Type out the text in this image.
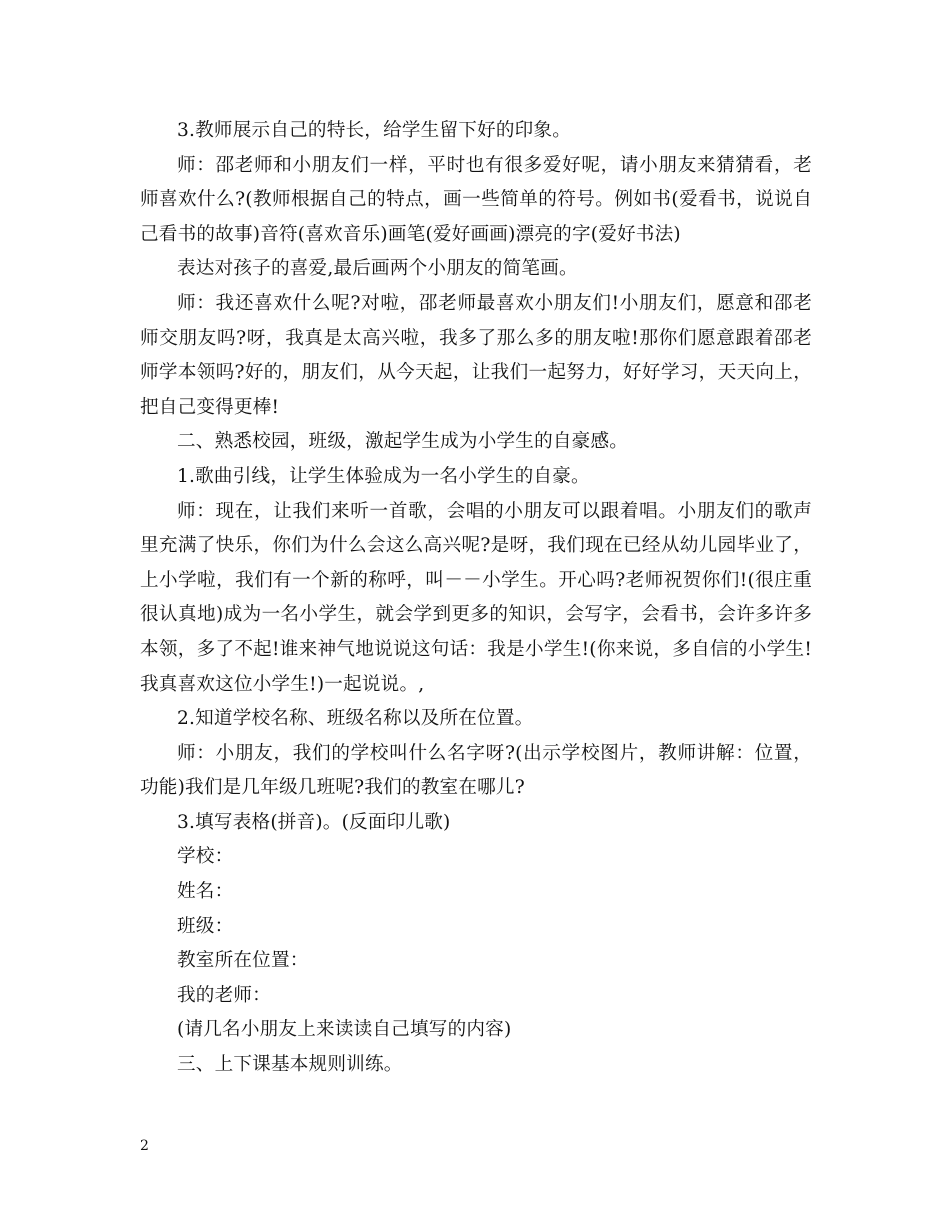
3.教师展示自己的特长，给学生留下好的印象。

师：邵老师和小朋友们一样，平时也有很多爱好呢，请小朋友来猜猜看，老师喜欢什么?(教师根据自己的特点，画一些简单的符号。例如书(爱看书，说说自己看书的故事)音符(喜欢音乐)画笔(爱好画画)漂亮的字(爱好书法)

表达对孩子的喜爱,最后画两个小朋友的简笔画。

师：我还喜欢什么呢?对啦，邵老师最喜欢小朋友们!小朋友们，愿意和邵老师交朋友吗?呀，我真是太高兴啦，我多了那么多的朋友啦!那你们愿意跟着邵老师学本领吗?好的，朋友们，从今天起，让我们一起努力，好好学习，天天向上，把自己变得更棒!

二、熟悉校园，班级，激起学生成为小学生的自豪感。

1.歌曲引线，让学生体验成为一名小学生的自豪。

师：现在，让我们来听一首歌，会唱的小朋友可以跟着唱。小朋友们的歌声里充满了快乐，你们为什么会这么高兴呢?是呀，我们现在已经从幼儿园毕业了，上小学啦，我们有一个新的称呼，叫－－小学生。开心吗?老师祝贺你们!(很庄重很认真地)成为一名小学生，就会学到更多的知识，会写字，会看书，会许多许多本领，多了不起!谁来神气地说说这句话：我是小学生!(你来说，多自信的小学生!我真喜欢这位小学生!)一起说说。,

2.知道学校名称、班级名称以及所在位置。

师：小朋友，我们的学校叫什么名字呀?(出示学校图片，教师讲解：位置，功能)我们是几年级几班呢?我们的教室在哪儿?

3.填写表格(拼音)。(反面印儿歌)

学校：

姓名：

班级：

教室所在位置：

我的老师：

(请几名小朋友上来读读自己填写的内容)

三、上下课基本规则训练。

2
